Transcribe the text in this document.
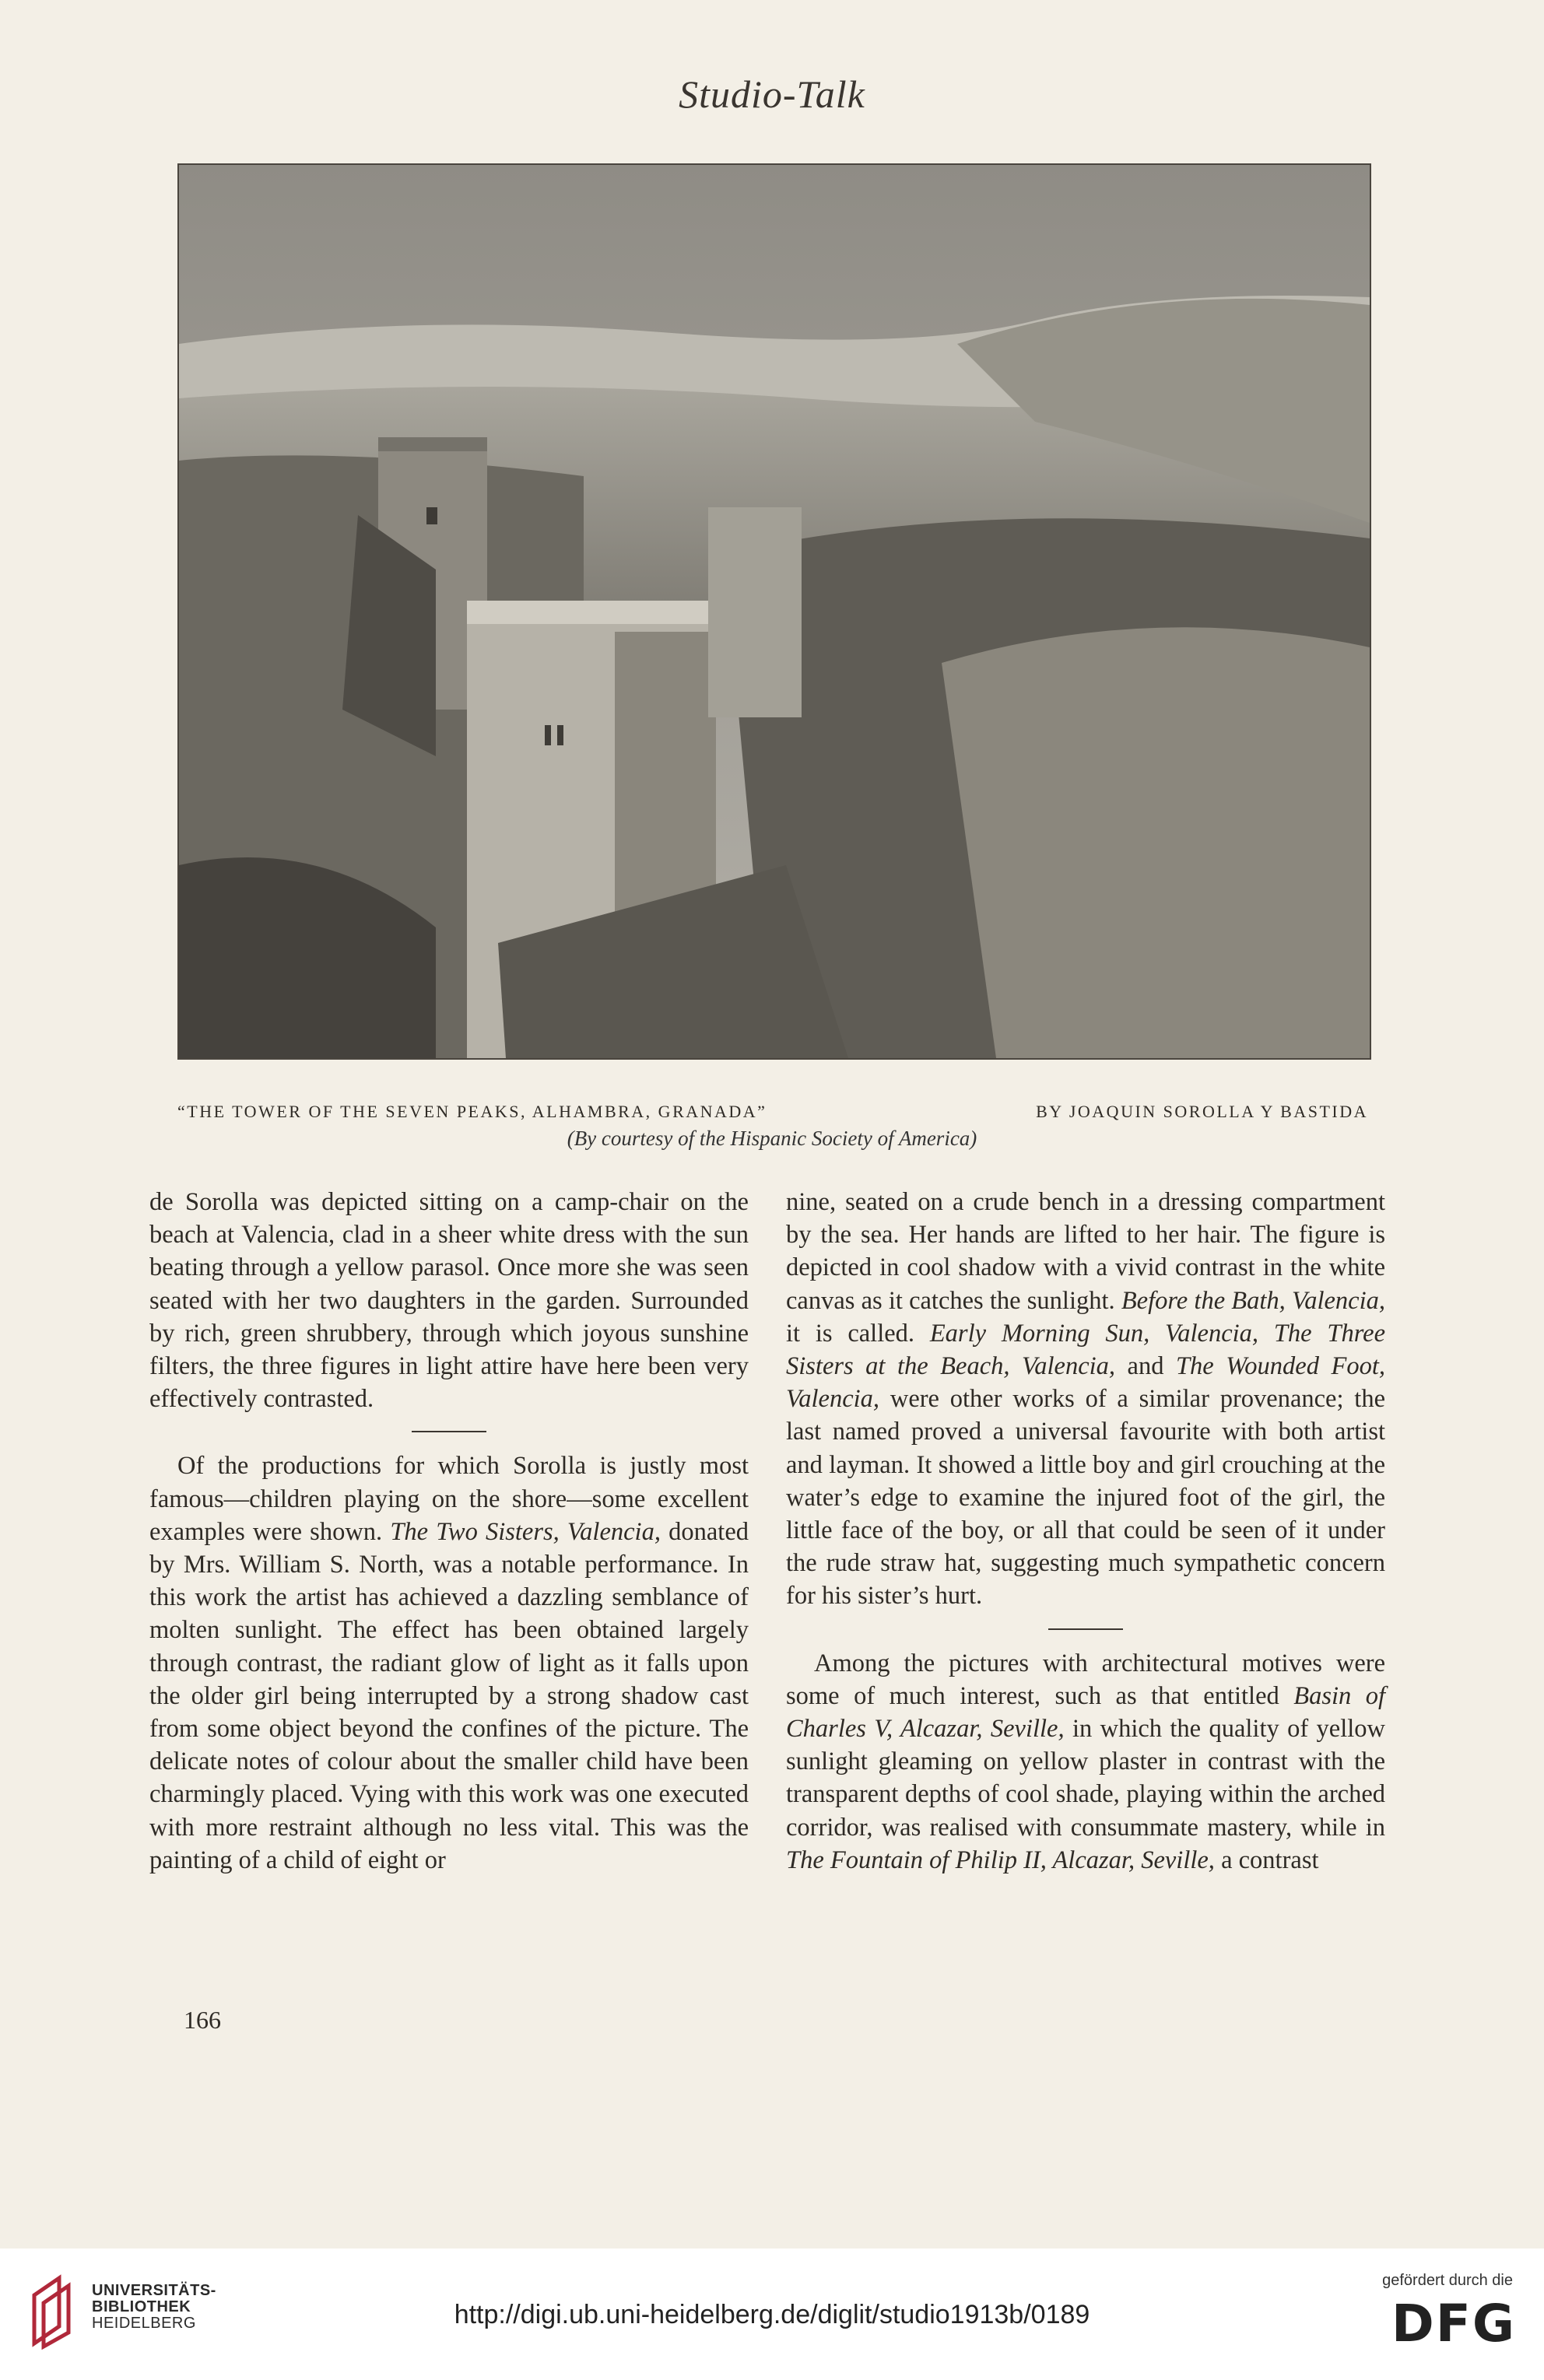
Studio-Talk
“THE TOWER OF THE SEVEN PEAKS, ALHAMBRA, GRANADA”	BY JOAQUIN SOROLLA Y BASTIDA
(By courtesy of the Hispanic Society of America)

de Sorolla was depicted sitting on a camp-chair on the beach at Valencia, clad in a sheer white dress with the sun beating through a yellow parasol. Once more she was seen seated with her two daughters in the garden. Surrounded by rich, green shrubbery, through which joyous sunshine filters, the three figures in light attire have here been very effectively contrasted.

Of the productions for which Sorolla is justly most famous—children playing on the shore—some excellent examples were shown. The Two Sisters, Valencia, donated by Mrs. William S. North, was a notable performance. In this work the artist has achieved a dazzling semblance of molten sunlight. The effect has been obtained largely through contrast, the radiant glow of light as it falls upon the older girl being interrupted by a strong shadow cast from some object beyond the confines of the picture. The delicate notes of colour about the smaller child have been charmingly placed. Vying with this work was one executed with more restraint although no less vital. This was the painting of a child of eight or

nine, seated on a crude bench in a dressing compartment by the sea. Her hands are lifted to her hair. The figure is depicted in cool shadow with a vivid contrast in the white canvas as it catches the sunlight. Before the Bath, Valencia, it is called. Early Morning Sun, Valencia, The Three Sisters at the Beach, Valencia, and The Wounded Foot, Valencia, were other works of a similar provenance; the last named proved a universal favourite with both artist and layman. It showed a little boy and girl crouching at the water’s edge to examine the injured foot of the girl, the little face of the boy, or all that could be seen of it under the rude straw hat, suggesting much sympathetic concern for his sister’s hurt.

Among the pictures with architectural motives were some of much interest, such as that entitled Basin of Charles V, Alcazar, Seville, in which the quality of yellow sunlight gleaming on yellow plaster in contrast with the transparent depths of cool shade, playing within the arched corridor, was realised with consummate mastery, while in The Fountain of Philip II, Alcazar, Seville, a contrast

166
UNIVERSITÄTS-
BIBLIOTHEK
HEIDELBERG	http://digi.ub.uni-heidelberg.de/diglit/studio1913b/0189
gefördert durch die
DFG
